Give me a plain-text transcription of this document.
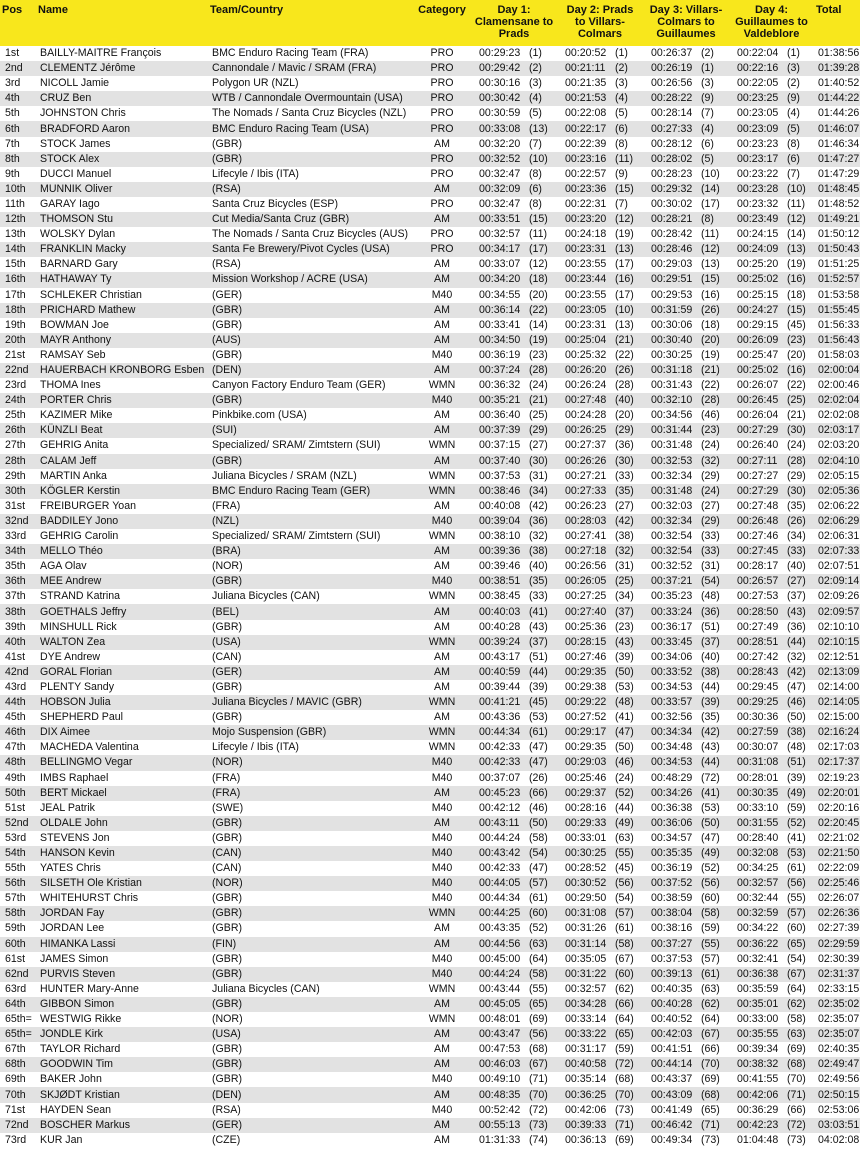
Pos	Name	Team/Country	Category	Day 1:
Clamensane to
Prads	Day 2: Prads
to Villars-
Colmars	Day 3: Villars-
Colmars to
Guillaumes	Day 4:
Guillaumes to
Valdeblore	Total
1st	BAILLY-MAITRE François	BMC Enduro Racing Team (FRA)	PRO	00:29:23 (1)	00:20:52 (1)	00:26:37 (2)	00:22:04 (1)	01:38:56
2nd	CLEMENTZ Jérôme	Cannondale / Mavic / SRAM (FRA)	PRO	00:29:42 (2)	00:21:11 (2)	00:26:19 (1)	00:22:16 (3)	01:39:28
3rd	NICOLL Jamie	Polygon UR (NZL)	PRO	00:30:16 (3)	00:21:35 (3)	00:26:56 (3)	00:22:05 (2)	01:40:52
4th	CRUZ Ben	WTB / Cannondale Overmountain (USA)	PRO	00:30:42 (4)	00:21:53 (4)	00:28:22 (9)	00:23:25 (9)	01:44:22
5th	JOHNSTON Chris	The Nomads / Santa Cruz Bicycles (NZL)	PRO	00:30:59 (5)	00:22:08 (5)	00:28:14 (7)	00:23:05 (4)	01:44:26
6th	BRADFORD Aaron	BMC Enduro Racing Team (USA)	PRO	00:33:08 (13)	00:22:17 (6)	00:27:33 (4)	00:23:09 (5)	01:46:07
7th	STOCK James	(GBR)	AM	00:32:20 (7)	00:22:39 (8)	00:28:12 (6)	00:23:23 (8)	01:46:34
8th	STOCK Alex	(GBR)	PRO	00:32:52 (10)	00:23:16 (11)	00:28:02 (5)	00:23:17 (6)	01:47:27
9th	DUCCI Manuel	Lifecyle / Ibis (ITA)	PRO	00:32:47 (8)	00:22:57 (9)	00:28:23 (10)	00:23:22 (7)	01:47:29
10th	MUNNIK Oliver	(RSA)	AM	00:32:09 (6)	00:23:36 (15)	00:29:32 (14)	00:23:28 (10)	01:48:45
11th	GARAY Iago	Santa Cruz Bicycles (ESP)	PRO	00:32:47 (8)	00:22:31 (7)	00:30:02 (17)	00:23:32 (11)	01:48:52
12th	THOMSON Stu	Cut Media/Santa Cruz (GBR)	AM	00:33:51 (15)	00:23:20 (12)	00:28:21 (8)	00:23:49 (12)	01:49:21
13th	WOLSKY Dylan	The Nomads / Santa Cruz Bicycles (AUS)	PRO	00:32:57 (11)	00:24:18 (19)	00:28:42 (11)	00:24:15 (14)	01:50:12
14th	FRANKLIN Macky	Santa Fe Brewery/Pivot Cycles (USA)	PRO	00:34:17 (17)	00:23:31 (13)	00:28:46 (12)	00:24:09 (13)	01:50:43
15th	BARNARD Gary	(RSA)	AM	00:33:07 (12)	00:23:55 (17)	00:29:03 (13)	00:25:20 (19)	01:51:25
16th	HATHAWAY Ty	Mission Workshop / ACRE (USA)	AM	00:34:20 (18)	00:23:44 (16)	00:29:51 (15)	00:25:02 (16)	01:52:57
17th	SCHLEKER Christian	(GER)	M40	00:34:55 (20)	00:23:55 (17)	00:29:53 (16)	00:25:15 (18)	01:53:58
18th	PRICHARD Mathew	(GBR)	AM	00:36:14 (22)	00:23:05 (10)	00:31:59 (26)	00:24:27 (15)	01:55:45
19th	BOWMAN Joe	(GBR)	AM	00:33:41 (14)	00:23:31 (13)	00:30:06 (18)	00:29:15 (45)	01:56:33
20th	MAYR Anthony	(AUS)	AM	00:34:50 (19)	00:25:04 (21)	00:30:40 (20)	00:26:09 (23)	01:56:43
21st	RAMSAY Seb	(GBR)	M40	00:36:19 (23)	00:25:32 (22)	00:30:25 (19)	00:25:47 (20)	01:58:03
22nd	HAUERBACH KRONBORG Esben	(DEN)	AM	00:37:24 (28)	00:26:20 (26)	00:31:18 (21)	00:25:02 (16)	02:00:04
23rd	THOMA Ines	Canyon Factory Enduro Team (GER)	WMN	00:36:32 (24)	00:26:24 (28)	00:31:43 (22)	00:26:07 (22)	02:00:46
24th	PORTER Chris	(GBR)	M40	00:35:21 (21)	00:27:48 (40)	00:32:10 (28)	00:26:45 (25)	02:02:04
25th	KAZIMER Mike	Pinkbike.com (USA)	AM	00:36:40 (25)	00:24:28 (20)	00:34:56 (46)	00:26:04 (21)	02:02:08
26th	KÜNZLI Beat	(SUI)	AM	00:37:39 (29)	00:26:25 (29)	00:31:44 (23)	00:27:29 (30)	02:03:17
27th	GEHRIG Anita	Specialized/ SRAM/ Zimtstern (SUI)	WMN	00:37:15 (27)	00:27:37 (36)	00:31:48 (24)	00:26:40 (24)	02:03:20
28th	CALAM Jeff	(GBR)	AM	00:37:40 (30)	00:26:26 (30)	00:32:53 (32)	00:27:11 (28)	02:04:10
29th	MARTIN Anka	Juliana Bicycles / SRAM (NZL)	WMN	00:37:53 (31)	00:27:21 (33)	00:32:34 (29)	00:27:27 (29)	02:05:15
30th	KÖGLER Kerstin	BMC Enduro Racing Team (GER)	WMN	00:38:46 (34)	00:27:33 (35)	00:31:48 (24)	00:27:29 (30)	02:05:36
31st	FREIBURGER Yoan	(FRA)	AM	00:40:08 (42)	00:26:23 (27)	00:32:03 (27)	00:27:48 (35)	02:06:22
32nd	BADDILEY Jono	(NZL)	M40	00:39:04 (36)	00:28:03 (42)	00:32:34 (29)	00:26:48 (26)	02:06:29
33rd	GEHRIG Carolin	Specialized/ SRAM/ Zimtstern (SUI)	WMN	00:38:10 (32)	00:27:41 (38)	00:32:54 (33)	00:27:46 (34)	02:06:31
34th	MELLO Théo	(BRA)	AM	00:39:36 (38)	00:27:18 (32)	00:32:54 (33)	00:27:45 (33)	02:07:33
35th	AGA Olav	(NOR)	AM	00:39:46 (40)	00:26:56 (31)	00:32:52 (31)	00:28:17 (40)	02:07:51
36th	MEE Andrew	(GBR)	M40	00:38:51 (35)	00:26:05 (25)	00:37:21 (54)	00:26:57 (27)	02:09:14
37th	STRAND Katrina	Juliana Bicycles (CAN)	WMN	00:38:45 (33)	00:27:25 (34)	00:35:23 (48)	00:27:53 (37)	02:09:26
38th	GOETHALS Jeffry	(BEL)	AM	00:40:03 (41)	00:27:40 (37)	00:33:24 (36)	00:28:50 (43)	02:09:57
39th	MINSHULL Rick	(GBR)	AM	00:40:28 (43)	00:25:36 (23)	00:36:17 (51)	00:27:49 (36)	02:10:10
40th	WALTON Zea	(USA)	WMN	00:39:24 (37)	00:28:15 (43)	00:33:45 (37)	00:28:51 (44)	02:10:15
41st	DYE Andrew	(CAN)	AM	00:43:17 (51)	00:27:46 (39)	00:34:06 (40)	00:27:42 (32)	02:12:51
42nd	GORAL Florian	(GER)	AM	00:40:59 (44)	00:29:35 (50)	00:33:52 (38)	00:28:43 (42)	02:13:09
43rd	PLENTY Sandy	(GBR)	AM	00:39:44 (39)	00:29:38 (53)	00:34:53 (44)	00:29:45 (47)	02:14:00
44th	HOBSON Julia	Juliana Bicycles / MAVIC (GBR)	WMN	00:41:21 (45)	00:29:22 (48)	00:33:57 (39)	00:29:25 (46)	02:14:05
45th	SHEPHERD Paul	(GBR)	AM	00:43:36 (53)	00:27:52 (41)	00:32:56 (35)	00:30:36 (50)	02:15:00
46th	DIX Aimee	Mojo Suspension (GBR)	WMN	00:44:34 (61)	00:29:17 (47)	00:34:34 (42)	00:27:59 (38)	02:16:24
47th	MACHEDA Valentina	Lifecyle / Ibis (ITA)	WMN	00:42:33 (47)	00:29:35 (50)	00:34:48 (43)	00:30:07 (48)	02:17:03
48th	BELLINGMO Vegar	(NOR)	M40	00:42:33 (47)	00:29:03 (46)	00:34:53 (44)	00:31:08 (51)	02:17:37
49th	IMBS Raphael	(FRA)	M40	00:37:07 (26)	00:25:46 (24)	00:48:29 (72)	00:28:01 (39)	02:19:23
50th	BERT Mickael	(FRA)	AM	00:45:23 (66)	00:29:37 (52)	00:34:26 (41)	00:30:35 (49)	02:20:01
51st	JEAL Patrik	(SWE)	M40	00:42:12 (46)	00:28:16 (44)	00:36:38 (53)	00:33:10 (59)	02:20:16
52nd	OLDALE John	(GBR)	AM	00:43:11 (50)	00:29:33 (49)	00:36:06 (50)	00:31:55 (52)	02:20:45
53rd	STEVENS Jon	(GBR)	M40	00:44:24 (58)	00:33:01 (63)	00:34:57 (47)	00:28:40 (41)	02:21:02
54th	HANSON Kevin	(CAN)	M40	00:43:42 (54)	00:30:25 (55)	00:35:35 (49)	00:32:08 (53)	02:21:50
55th	YATES Chris	(CAN)	M40	00:42:33 (47)	00:28:52 (45)	00:36:19 (52)	00:34:25 (61)	02:22:09
56th	SILSETH Ole Kristian	(NOR)	M40	00:44:05 (57)	00:30:52 (56)	00:37:52 (56)	00:32:57 (56)	02:25:46
57th	WHITEHURST Chris	(GBR)	M40	00:44:34 (61)	00:29:50 (54)	00:38:59 (60)	00:32:44 (55)	02:26:07
58th	JORDAN Fay	(GBR)	WMN	00:44:25 (60)	00:31:08 (57)	00:38:04 (58)	00:32:59 (57)	02:26:36
59th	JORDAN Lee	(GBR)	AM	00:43:35 (52)	00:31:26 (61)	00:38:16 (59)	00:34:22 (60)	02:27:39
60th	HIMANKA Lassi	(FIN)	AM	00:44:56 (63)	00:31:14 (58)	00:37:27 (55)	00:36:22 (65)	02:29:59
61st	JAMES Simon	(GBR)	M40	00:45:00 (64)	00:35:05 (67)	00:37:53 (57)	00:32:41 (54)	02:30:39
62nd	PURVIS Steven	(GBR)	M40	00:44:24 (58)	00:31:22 (60)	00:39:13 (61)	00:36:38 (67)	02:31:37
63rd	HUNTER Mary-Anne	Juliana Bicycles (CAN)	WMN	00:43:44 (55)	00:32:57 (62)	00:40:35 (63)	00:35:59 (64)	02:33:15
64th	GIBBON Simon	(GBR)	AM	00:45:05 (65)	00:34:28 (66)	00:40:28 (62)	00:35:01 (62)	02:35:02
65th=	WESTWIG Rikke	(NOR)	WMN	00:48:01 (69)	00:33:14 (64)	00:40:52 (64)	00:33:00 (58)	02:35:07
65th=	JONDLE Kirk	(USA)	AM	00:43:47 (56)	00:33:22 (65)	00:42:03 (67)	00:35:55 (63)	02:35:07
67th	TAYLOR Richard	(GBR)	AM	00:47:53 (68)	00:31:17 (59)	00:41:51 (66)	00:39:34 (69)	02:40:35
68th	GOODWIN Tim	(GBR)	AM	00:46:03 (67)	00:40:58 (72)	00:44:14 (70)	00:38:32 (68)	02:49:47
69th	BAKER John	(GBR)	M40	00:49:10 (71)	00:35:14 (68)	00:43:37 (69)	00:41:55 (70)	02:49:56
70th	SKJØDT Kristian	(DEN)	AM	00:48:35 (70)	00:36:25 (70)	00:43:09 (68)	00:42:06 (71)	02:50:15
71st	HAYDEN Sean	(RSA)	M40	00:52:42 (72)	00:42:06 (73)	00:41:49 (65)	00:36:29 (66)	02:53:06
72nd	BOSCHER Markus	(GER)	AM	00:55:13 (73)	00:39:33 (71)	00:46:42 (71)	00:42:23 (72)	03:03:51
73rd	KUR Jan	(CZE)	AM	01:31:33 (74)	00:36:13 (69)	00:49:34 (73)	01:04:48 (73)	04:02:08
